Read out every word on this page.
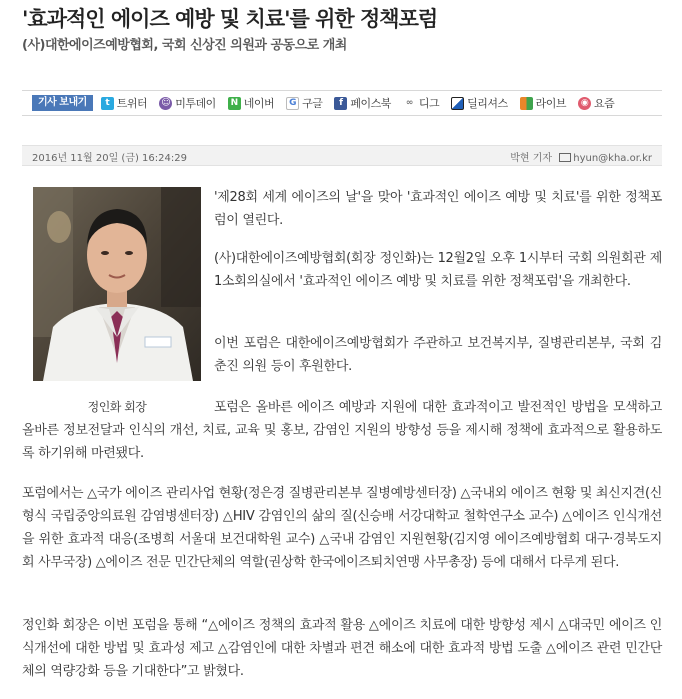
'효과적인 에이즈 예방 및 치료'를 위한 정책포럼
(사)대한에이즈예방협회, 국회 신상진 의원과 공동으로 개최
기사 보내기	t 트위터 ☺ 미투데이	N 네이버	G 구글	f 페이스북	∞ 디그	딜리셔스	라이브	◉ 요즘
2016년 11월 20일 (금) 16:24:29	박현 기자 hyun@kha.or.kr
정인화 회장

'제28회 세계 에이즈의 날'을 맞아 '효과적인 에이즈 예방 및 치료'를 위한 정책포럼이 열린다.

(사)대한에이즈예방협회(회장 정인화)는 12월2일 오후 1시부터 국회 의원회관 제1소회의실에서 '효과적인 에이즈 예방 및 치료를 위한 정책포럼'을 개최한다.

이번 포럼은 대한에이즈예방협회가 주관하고 보건복지부, 질병관리본부, 국회 김춘진 의원 등이 후원한다.

포럼은 올바른 에이즈 예방과 지원에 대한 효과적이고 발전적인 방법을 모색하고 올바른 정보전달과 인식의 개선, 치료, 교육 및 홍보, 감염인 지원의 방향성 등을 제시해 정책에 효과적으로 활용하도록 하기위해 마련됐다.

포럼에서는 △국가 에이즈 관리사업 현황(정은경 질병관리본부 질병예방센터장) △국내외 에이즈 현황 및 최신지견(신형식 국립중앙의료원 감염병센터장) △HIV 감염인의 삶의 질(신승배 서강대학교 철학연구소 교수) △에이즈 인식개선을 위한 효과적 대응(조병희 서울대 보건대학원 교수) △국내 감염인 지원현황(김지영 에이즈예방협회 대구·경북도지회 사무국장) △에이즈 전문 민간단체의 역할(권상학 한국에이즈퇴치연맹 사무총장) 등에 대해서 다루게 된다.

정인화 회장은 이번 포럼을 통해 “△에이즈 정책의 효과적 활용 △에이즈 치료에 대한 방향성 제시 △대국민 에이즈 인식개선에 대한 방법 및 효과성 제고 △감염인에 대한 차별과 편견 해소에 대한 효과적 방법 도출 △에이즈 관련 민간단체의 역량강화 등을 기대한다”고 밝혔다.
